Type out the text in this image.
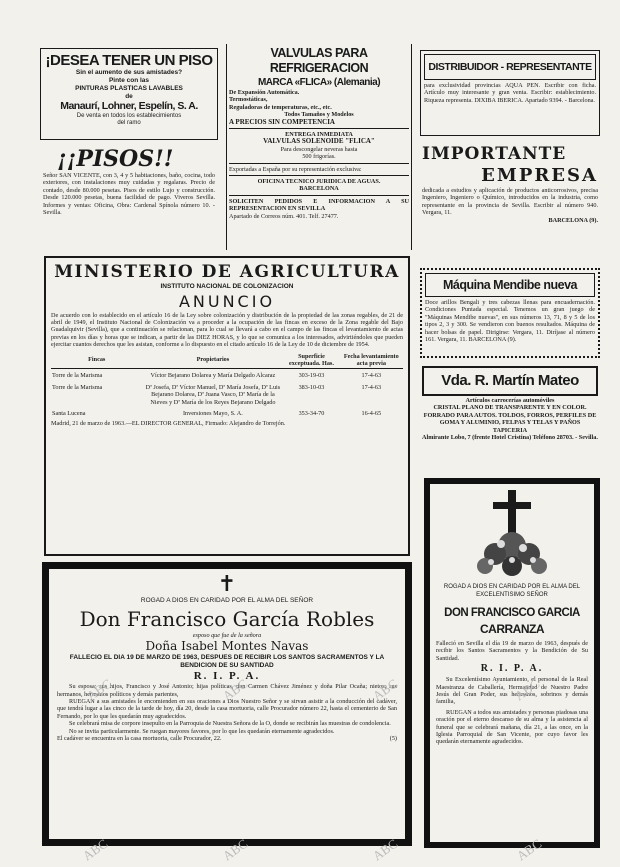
¡DESEA TENER UN PISO
Sin el aumento de sus amistades?
Pinte con las
PINTURAS PLASTICAS LAVABLES
de
Manaurí, Lohner, Espelín, S. A.
De venta en todos los establecimientos
del ramo
¡¡PISOS!!

Señor SAN VICENTE, con 3, 4 y 5 habitaciones, baño, cocina, todo exteriores, con instalaciones muy cuidadas y regalaras. Precio de contado, desde 80.000 pesetas. Pisos de estilo Lujo y construcción. Desde 120.000 pesetas, buena facilidad de pago. Viveros Sevilla. Informes y ventas: Oficina, Obra: Cardenal Spínola número 10. - Sevilla.

VALVULAS PARA REFRIGERACION
MARCA «FLICA» (Alemania)
De Expansión Automática.
Termostáticas,
Reguladoras de temperaturas, etc., etc.
Todos Tamaños y Modelos
A PRECIOS SIN COMPETENCIA
ENTREGA INMEDIATA
VALVULAS SOLENOIDE "FLICA"
Para descongelar neveras hasta
500 frigorías.
Exportadas a España por su representación exclusiva:
OFICINA TECNICO JURIDICA DE AGUAS.
BARCELONA
SOLICITEN PEDIDOS E INFORMACION A SU REPRESENTACION EN SEVILLA
Apartado de Correos núm. 401. Telf. 27477.
DISTRIBUIDOR - REPRESENTANTE

para exclusividad provincias AQUA PEN. Escribir con ficha. Artículo muy interesante y gran venta. Escribir: establecimiento. Riqueza representa. DIXIBA IBERICA. Apartado 9394. - Barcelona.

IMPORTANTE
EMPRESA

dedicada a estudios y aplicación de productos anticorrosivos, precisa Ingeniero, Ingeniero o Químico, introducidos en la industria, como representante en la provincia de Sevilla. Escribir al número 940. Vergara, 11.

BARCELONA (9).
Máquina Mendibe nueva

Doce arillos Bengali y tres cabezas llenas para encuadernación. Condiciones Puntada especial. Tenemos un gran juego de "Máquinas Mendibe nuevas", en sus números 13, 71, 8 y 5 de los tipos 2, 3 y 300. Se vendieron con buenos resultados. Máquina de hacer bolsas de papel. Dirigirse: Vergara, 11. Diríjase al número 161. Vergara, 11. BARCELONA (9).

Vda. R. Martín Mateo
Artículos carrocerías automóviles

CRISTAL PLANO DE TRANSPARENTE Y EN COLOR. FORRADO PARA AUTOS. TOLDOS, FORROS, PERFILES DE GOMA Y ALUMINIO, FELPAS Y TELAS Y PAÑOS TAPICERIA

Almirante Lobo, 7 (frente Hotel Cristina) Teléfono 28703. - Sevilla.

MINISTERIO DE AGRICULTURA
INSTITUTO NACIONAL DE COLONIZACION
ANUNCIO

De acuerdo con lo establecido en el artículo 16 de la Ley sobre colonización y distribución de la propiedad de las zonas regables, de 21 de abril de 1949, el Instituto Nacional de Colonización va a proceder a la ocupación de las fincas en exceso de la Zona regable del Bajo Guadalquivir (Sevilla), que a continuación se relacionan, para lo cual se llevará a cabo en el campo de las fincas el levantamiento de actas previas en los días y horas que se indican, a partir de las DIEZ HORAS, y lo que se comunica a los interesados, advirtiéndoles que pueden ejercitar cuantos derechos que les asistan, conforme a lo dispuesto en el citado artículo 16 de la Ley de 10 de diciembre de 1954.

Fincas	Propietarios	Superficie exceptuada. Has.	Fecha levantamiento acta previa
Torre de la Marisma	Víctor Bejarano Dolarea y María Delgado Alcaraz	303-19-03	17-4-63
Torre de la Marisma	Dª Josefa, Dª Víctor Manuel, Dª María Josefa, Dª Luis Bejarano Dolarea, Dª Juana Vasco, Dª María de la Nieves y Dª María de los Reyes Bejarano Delgado	383-10-03	17-4-63
Santa Lucena	Inversiones Mayo, S. A.	353-34-70	16-4-65

Madrid, 21 de marzo de 1963.—EL DIRECTOR GENERAL, Firmado: Alejandro de Torrejón.

✝
ROGAD A DIOS EN CARIDAD POR EL ALMA DEL SEÑOR
Don Francisco García Robles
esposo que fue de la señora
Doña Isabel Montes Navas
FALLECIO EL DIA 19 DE MARZO DE 1963, DESPUES DE RECIBIR LOS SANTOS SACRAMENTOS Y LA BENDICION DE SU SANTIDAD
R. I. P. A.

Su esposa; sus hijos, Francisco y José Antonio; hijas políticas, don Carmen Chávez Jiménez y doña Pilar Ocaña; nietos; sus hermanos, hermanos políticos y demás parientes,

RUEGAN a sus amistades le encomienden en sus oraciones a Dios Nuestro Señor y se sirvan asistir a la conducción del cadáver, que tendrá lugar a las cinco de la tarde de hoy, día 20, desde la casa mortuoria, calle Procurador número 22, hasta el cementerio de San Fernando, por lo que les quedarán muy agradecidos.

Se celebrará misa de corpore insepulto en la Parroquia de Nuestra Señora de la O, donde se recibirán las muestras de condolencia.

No se invita particularmente. Se ruegan mayores favores, por lo que les quedarán eternamente agradecidos.

El cadáver se encuentra en la casa mortuoria, calle Procurador, 22.	(5)
ROGAD A DIOS EN CARIDAD POR EL ALMA DEL EXCELENTISIMO SEÑOR
DON FRANCISCO GARCIA
CARRANZA

Falleció en Sevilla el día 19 de marzo de 1963, después de recibir los Santos Sacramentos y la Bendición de Su Santidad.

R. I. P. A.

Su Excelentísimo Ayuntamiento, el personal de la Real Maestranza de Caballería, Hermandad de Nuestro Padre Jesús del Gran Poder, sus hermanos, sobrinos y demás familia,

RUEGAN a todos sus amistades y personas piadosas una oración por el eterno descanso de su alma y la asistencia al funeral que se celebrará mañana, día 21, a las once, en la Iglesia Parroquial de San Vicente, por cuyo favor les quedarán eternamente agradecidos.

ABC	ABC	ABC	ABC
ABC	ABC	ABC	ABC
